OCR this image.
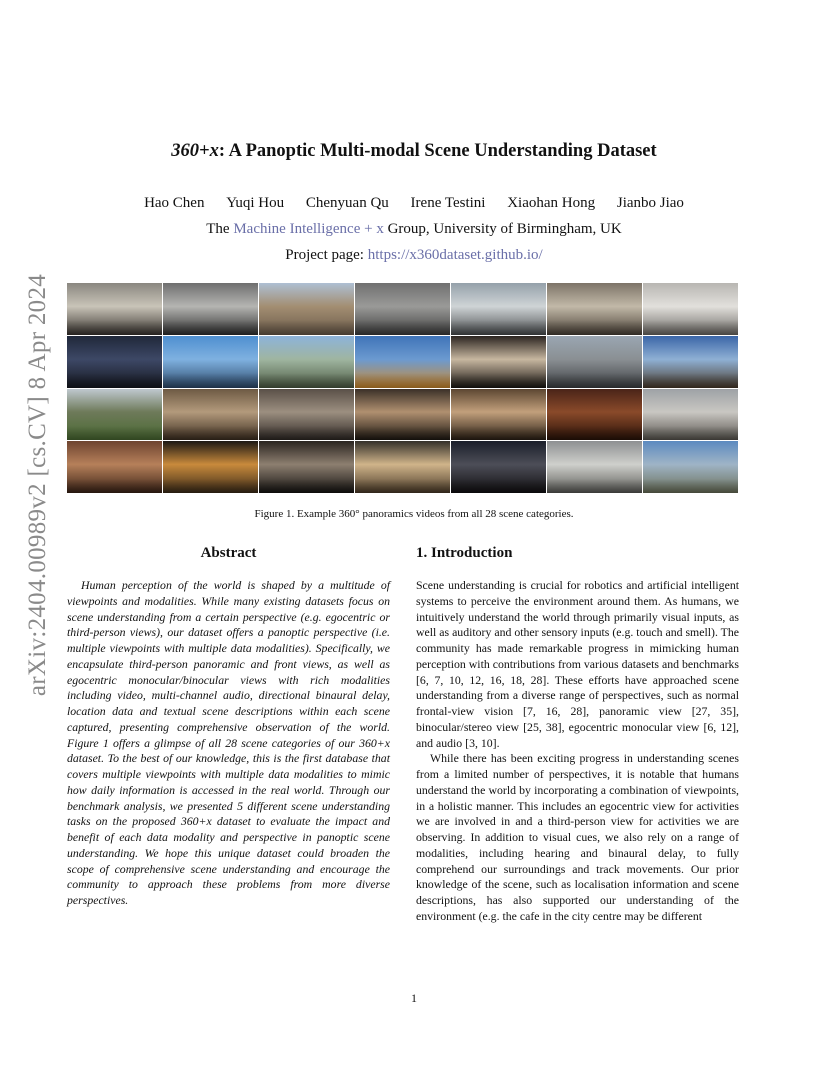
arXiv:2404.00989v2 [cs.CV] 8 Apr 2024
360+x: A Panoptic Multi-modal Scene Understanding Dataset
Hao Chen Yuqi Hou Chenyuan Qu Irene Testini Xiaohan Hong Jianbo Jiao
The Machine Intelligence + x Group, University of Birmingham, UK
Project page: https://x360dataset.github.io/
Figure 1. Example 360° panoramics videos from all 28 scene categories.
Abstract

Human perception of the world is shaped by a multitude of viewpoints and modalities. While many existing datasets focus on scene understanding from a certain perspective (e.g. egocentric or third-person views), our dataset offers a panoptic perspective (i.e. multiple viewpoints with multiple data modalities). Specifically, we encapsulate third-person panoramic and front views, as well as egocentric monocular/binocular views with rich modalities including video, multi-channel audio, directional binaural delay, location data and textual scene descriptions within each scene captured, presenting comprehensive observation of the world. Figure 1 offers a glimpse of all 28 scene categories of our 360+x dataset. To the best of our knowledge, this is the first database that covers multiple viewpoints with multiple data modalities to mimic how daily information is accessed in the real world. Through our benchmark analysis, we presented 5 different scene understanding tasks on the proposed 360+x dataset to evaluate the impact and benefit of each data modality and perspective in panoptic scene understanding. We hope this unique dataset could broaden the scope of comprehensive scene understanding and encourage the community to approach these problems from more diverse perspectives.

1. Introduction

Scene understanding is crucial for robotics and artificial intelligent systems to perceive the environment around them. As humans, we intuitively understand the world through primarily visual inputs, as well as auditory and other sensory inputs (e.g. touch and smell). The community has made remarkable progress in mimicking human perception with contributions from various datasets and benchmarks [6, 7, 10, 12, 16, 18, 28]. These efforts have approached scene understanding from a diverse range of perspectives, such as normal frontal-view vision [7, 16, 28], panoramic view [27, 35], binocular/stereo view [25, 38], egocentric monocular view [6, 12], and audio [3, 10].

While there has been exciting progress in understanding scenes from a limited number of perspectives, it is notable that humans understand the world by incorporating a combination of viewpoints, in a holistic manner. This includes an egocentric view for activities we are involved in and a third-person view for activities we are observing. In addition to visual cues, we also rely on a range of modalities, including hearing and binaural delay, to fully comprehend our surroundings and track movements. Our prior knowledge of the scene, such as localisation information and scene descriptions, has also supported our understanding of the environment (e.g. the cafe in the city centre may be different

1
